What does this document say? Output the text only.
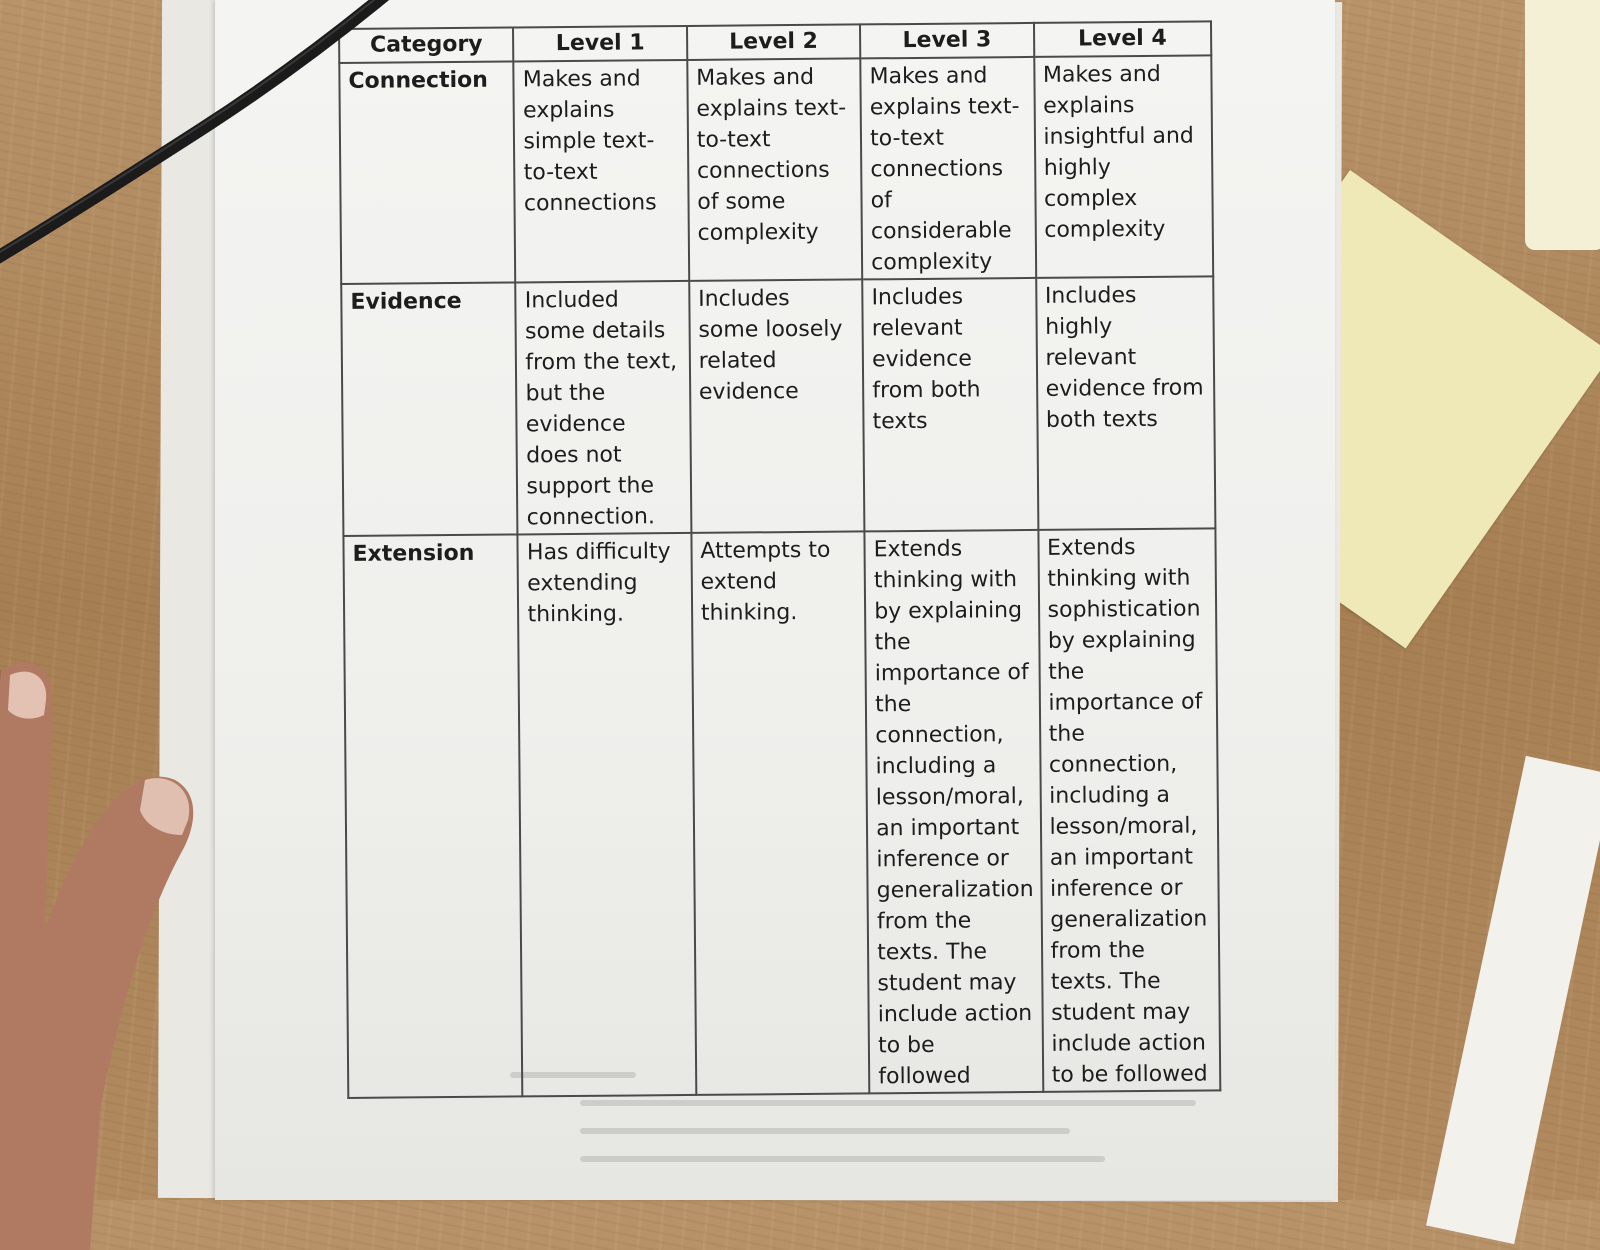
Category	Level 1	Level 2	Level 3	Level 4
Connection	Makes and explains simple text-to-text connections	Makes and explains text-to-text connections of some complexity	Makes and explains text-to-text connections of considerable complexity	Makes and explains insightful and highly complex complexity
Evidence	Included some details from the text, but the evidence does not support the connection.	Includes some loosely related evidence	Includes relevant evidence from both texts	Includes highly relevant evidence from both texts
Extension	Has difficulty extending thinking.	Attempts to extend thinking.	Extends thinking with by explaining the importance of the connection, including a lesson/moral, an important inference or generalization from the texts. The student may include action to be followed	Extends thinking with sophistication by explaining the importance of the connection, including a lesson/moral, an important inference or generalization from the texts. The student may include action to be followed
